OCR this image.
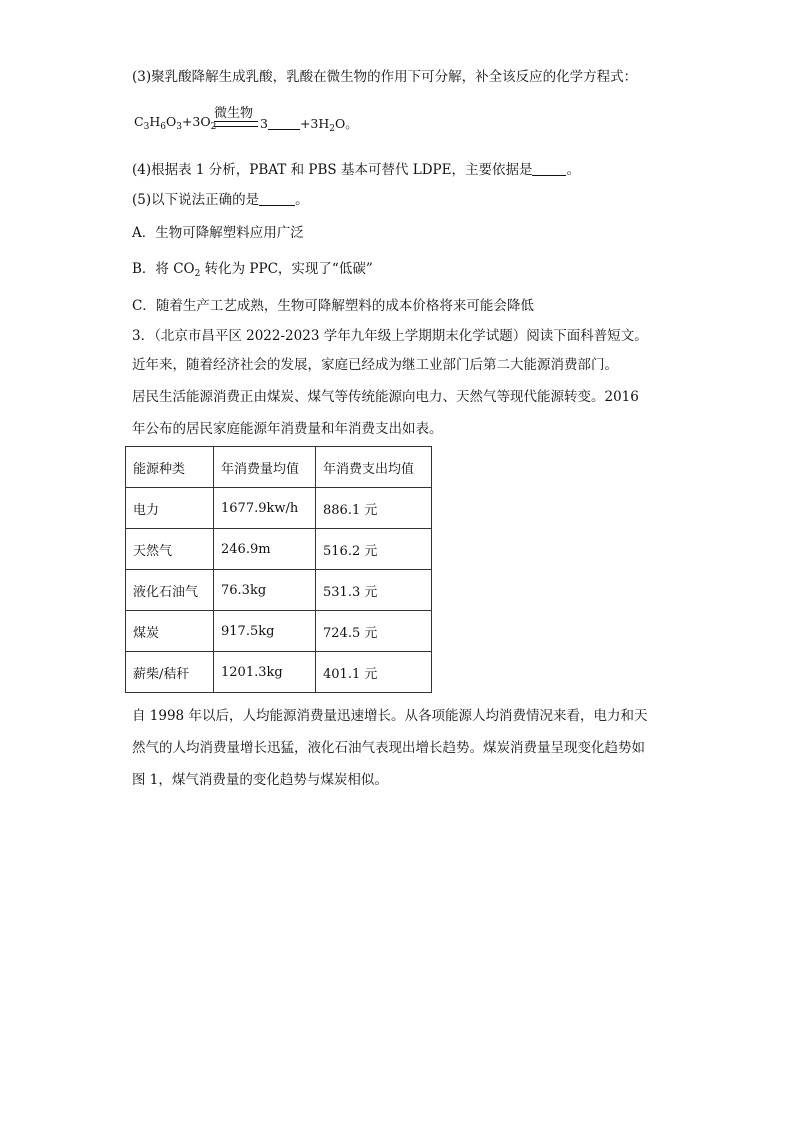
(3)聚乳酸降解生成乳酸，乳酸在微生物的作用下可分解，补全该反应的化学方程式：
$C_3H_6O_3+3O_2$
微生物
3	$+3H_2O$。
(4)根据表 1 分析，PBAT 和 PBS 基本可替代 LDPE，主要依据是	。
(5)以下说法正确的是	。
A．生物可降解塑料应用广泛
B．将 $CO_2$ 转化为 PPC，实现了“低碳”
C．随着生产工艺成熟，生物可降解塑料的成本价格将来可能会降低
3．（北京市昌平区 2022-2023 学年九年级上学期期末化学试题）阅读下面科普短文。
近年来，随着经济社会的发展，家庭已经成为继工业部门后第二大能源消费部门。
居民生活能源消费正由煤炭、煤气等传统能源向电力、天然气等现代能源转变。2016
年公布的居民家庭能源年消费量和年消费支出如表。
能源种类	年消费量均值	年消费支出均值
电力	1677.9kw/h	886.1 元
天然气	246.9m	516.2 元
液化石油气	76.3kg	531.3 元
煤炭	917.5kg	724.5 元
薪柴/秸秆	1201.3kg	401.1 元
自 1998 年以后，人均能源消费量迅速增长。从各项能源人均消费情况来看，电力和天
然气的人均消费量增长迅猛，液化石油气表现出增长趋势。煤炭消费量呈现变化趋势如
图 1，煤气消费量的变化趋势与煤炭相似。
